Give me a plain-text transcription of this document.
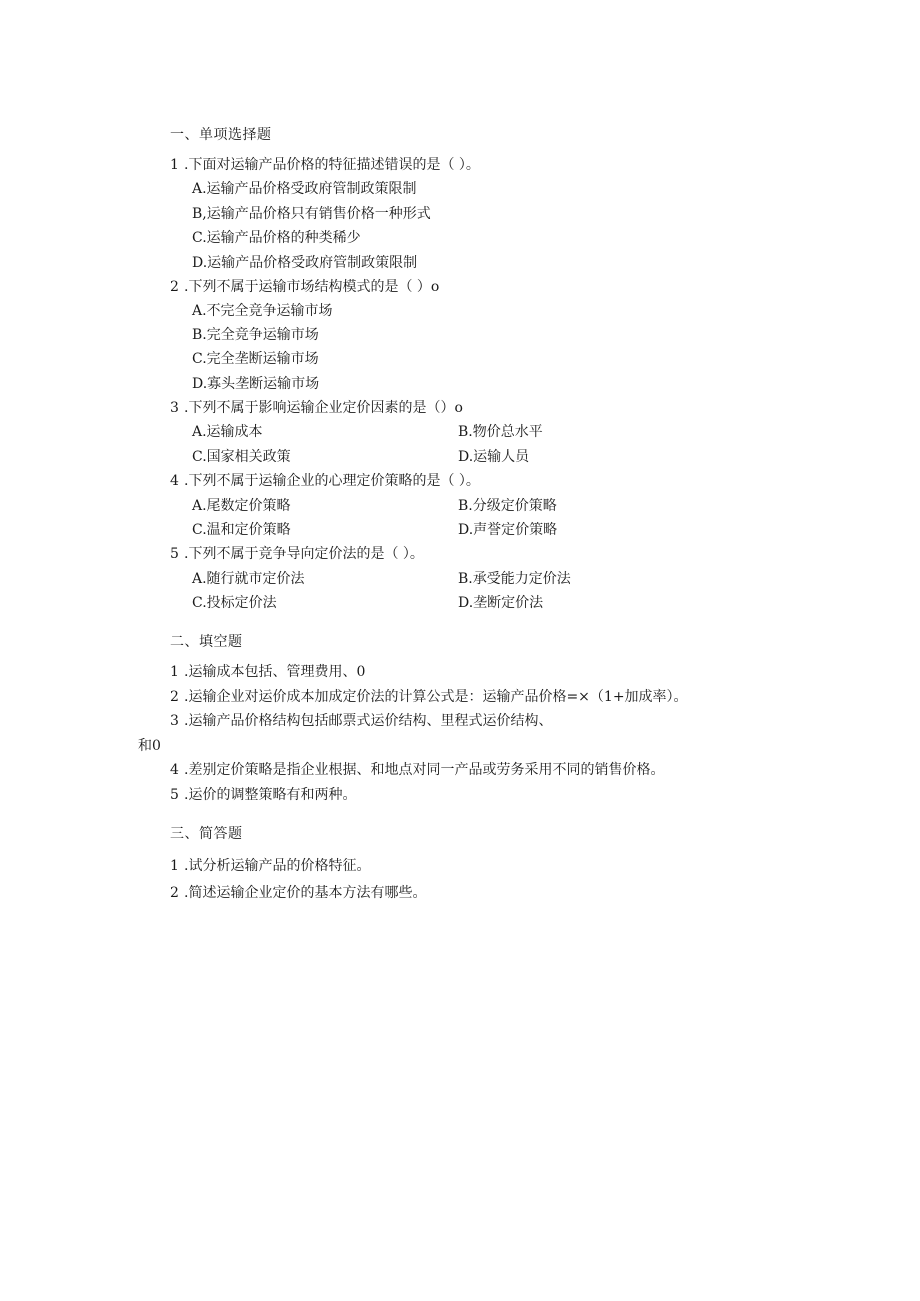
一、单项选择题
1 .下面对运输产品价格的特征描述错误的是（ ）。
A.运输产品价格受政府管制政策限制
B,运输产品价格只有销售价格一种形式
C.运输产品价格的种类稀少
D.运输产品价格受政府管制政策限制
2 .下列不属于运输市场结构模式的是（ ）o
A.不完全竞争运输市场
B.完全竞争运输市场
C.完全垄断运输市场
D.寡头垄断运输市场
3 .下列不属于影响运输企业定价因素的是（）o
A.运输成本	B.物价总水平
C.国家相关政策	D.运输人员
4 .下列不属于运输企业的心理定价策略的是（ ）。
A.尾数定价策略	B.分级定价策略
C.温和定价策略	D.声誉定价策略
5 .下列不属于竞争导向定价法的是（ ）。
A.随行就市定价法	B.承受能力定价法
C.投标定价法	D.垄断定价法
二、填空题
1 .运输成本包括、管理费用、0
2 .运输企业对运价成本加成定价法的计算公式是：运输产品价格=×（1+加成率）。
3 .运输产品价格结构包括邮票式运价结构、里程式运价结构、
和0
4 .差别定价策略是指企业根据、和地点对同一产品或劳务采用不同的销售价格。
5 .运价的调整策略有和两种。
三、简答题
1 .试分析运输产品的价格特征。
2 .简述运输企业定价的基本方法有哪些。
